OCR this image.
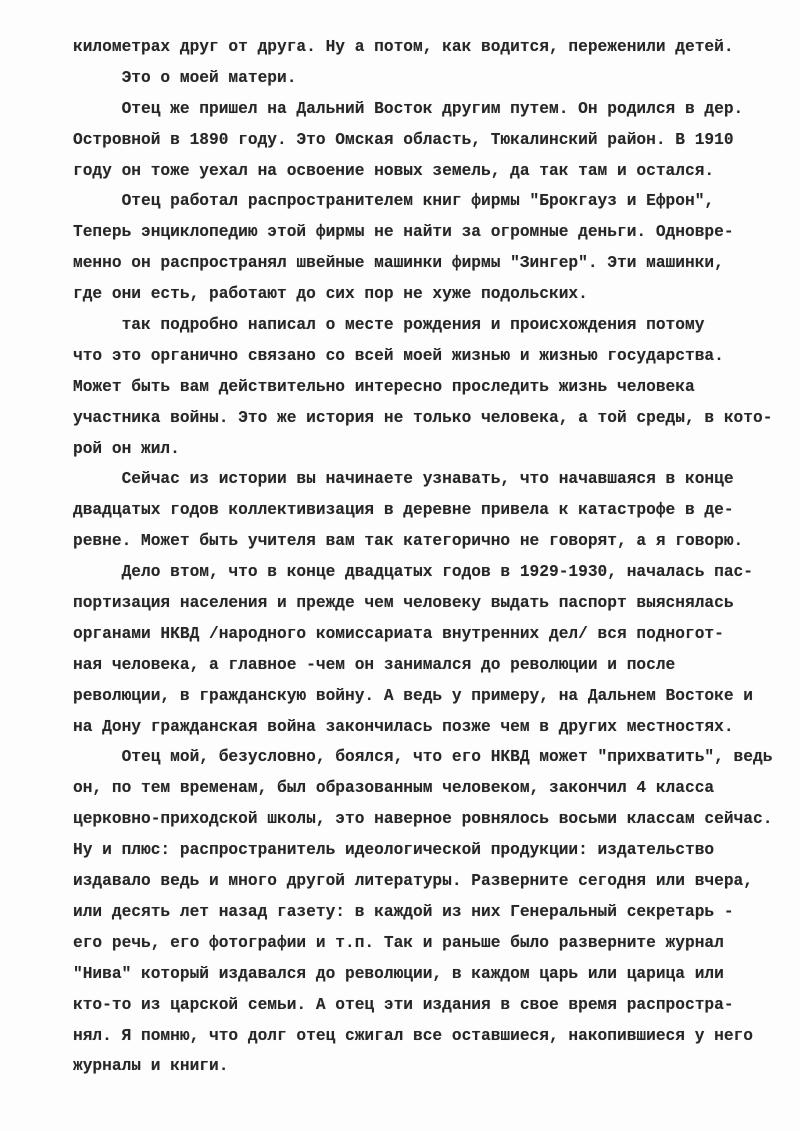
километрах друг от друга. Ну а потом, как водится, переженили детей.
Это о моей матери.
Отец же пришел на Дальний Восток другим путем. Он родился в дер.
Островной в 1890 году. Это Омская область, Тюкалинский район. В 1910
году он тоже уехал на освоение новых земель, да так там и остался.
Отец работал распространителем книг фирмы "Брокгауз и Ефрон",
Теперь энциклопедию этой фирмы не найти за огромные деньги. Одновре-
менно он распространял швейные машинки фирмы "Зингер". Эти машинки,
где они есть, работают до сих пор не хуже подольских.
так подробно написал о месте рождения и происхождения потому
что это органично связано со всей моей жизнью и жизнью государства.
Может быть вам действительно интересно проследить жизнь человека
участника войны. Это же история не только человека, а той среды, в кото-
рой он жил.
Сейчас из истории вы начинаете узнавать, что начавшаяся в конце
двадцатых годов коллективизация в деревне привела к катастрофе в де-
ревне. Может быть учителя вам так категорично не говорят, а я говорю.
Дело втом, что в конце двадцатых годов в 1929-1930, началась пас-
портизация населения и прежде чем человеку выдать паспорт выяснялась
органами НКВД /народного комиссариата внутренних дел/ вся подногот-
ная человека, а главное -чем он занимался до революции и после
революции, в гражданскую войну. А ведь у примеру, на Дальнем Востоке и
на Дону гражданская война закончилась позже чем в других местностях.
Отец мой, безусловно, боялся, что его НКВД может "прихватить", ведь
он, по тем временам, был образованным человеком, закончил 4 класса
церковно-приходской школы, это наверное ровнялось восьми классам сейчас.
Ну и плюс: распространитель идеологической продукции: издательство
издавало ведь и много другой литературы. Разверните сегодня или вчера,
или десять лет назад газету: в каждой из них Генеральный секретарь -
его речь, его фотографии и т.п. Так и раньше было разверните журнал
"Нива" который издавался до революции, в каждом царь или царица или
кто-то из царской семьи. А отец эти издания в свое время распростра-
нял. Я помню, что долг отец сжигал все оставшиеся, накопившиеся у него
журналы и книги.
